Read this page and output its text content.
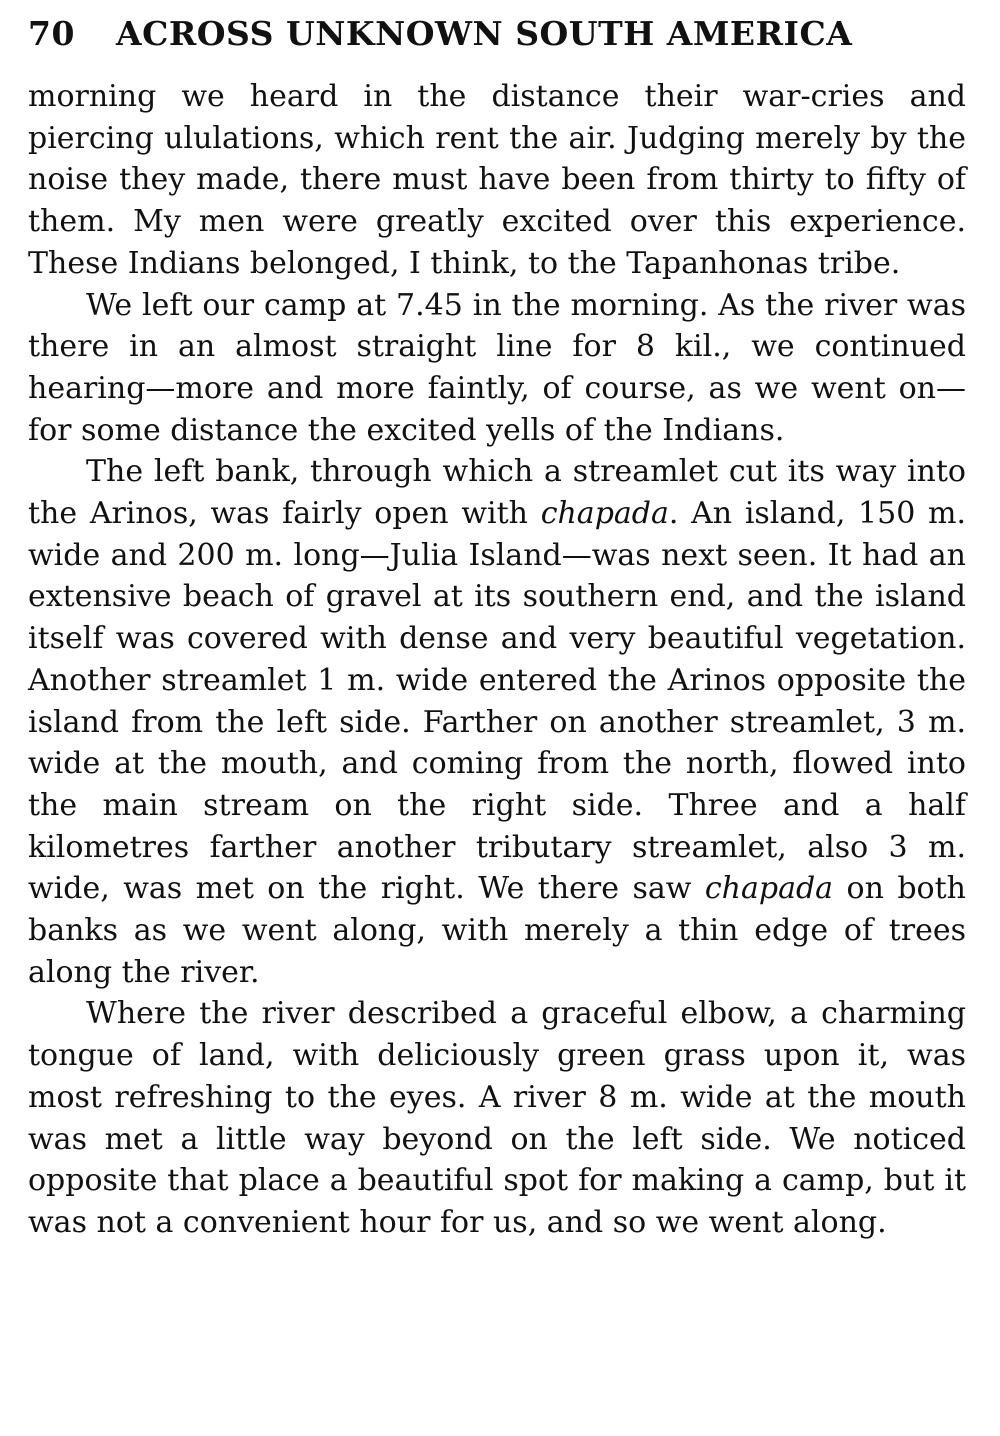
70	ACROSS UNKNOWN SOUTH AMERICA

morning we heard in the distance their war-cries and piercing ululations, which rent the air. Judging merely by the noise they made, there must have been from thirty to fifty of them. My men were greatly excited over this experience. These Indians belonged, I think, to the Tapanhonas tribe.

We left our camp at 7.45 in the morning. As the river was there in an almost straight line for 8 kil., we continued hearing—more and more faintly, of course, as we went on—for some distance the excited yells of the Indians.

The left bank, through which a streamlet cut its way into the Arinos, was fairly open with chapada. An island, 150 m. wide and 200 m. long—Julia Island—was next seen. It had an extensive beach of gravel at its southern end, and the island itself was covered with dense and very beautiful vegetation. Another streamlet 1 m. wide entered the Arinos opposite the island from the left side. Farther on another streamlet, 3 m. wide at the mouth, and coming from the north, flowed into the main stream on the right side. Three and a half kilometres farther another tributary streamlet, also 3 m. wide, was met on the right. We there saw chapada on both banks as we went along, with merely a thin edge of trees along the river.

Where the river described a graceful elbow, a charming tongue of land, with deliciously green grass upon it, was most refreshing to the eyes. A river 8 m. wide at the mouth was met a little way beyond on the left side. We noticed opposite that place a beautiful spot for making a camp, but it was not a convenient hour for us, and so we went along.
